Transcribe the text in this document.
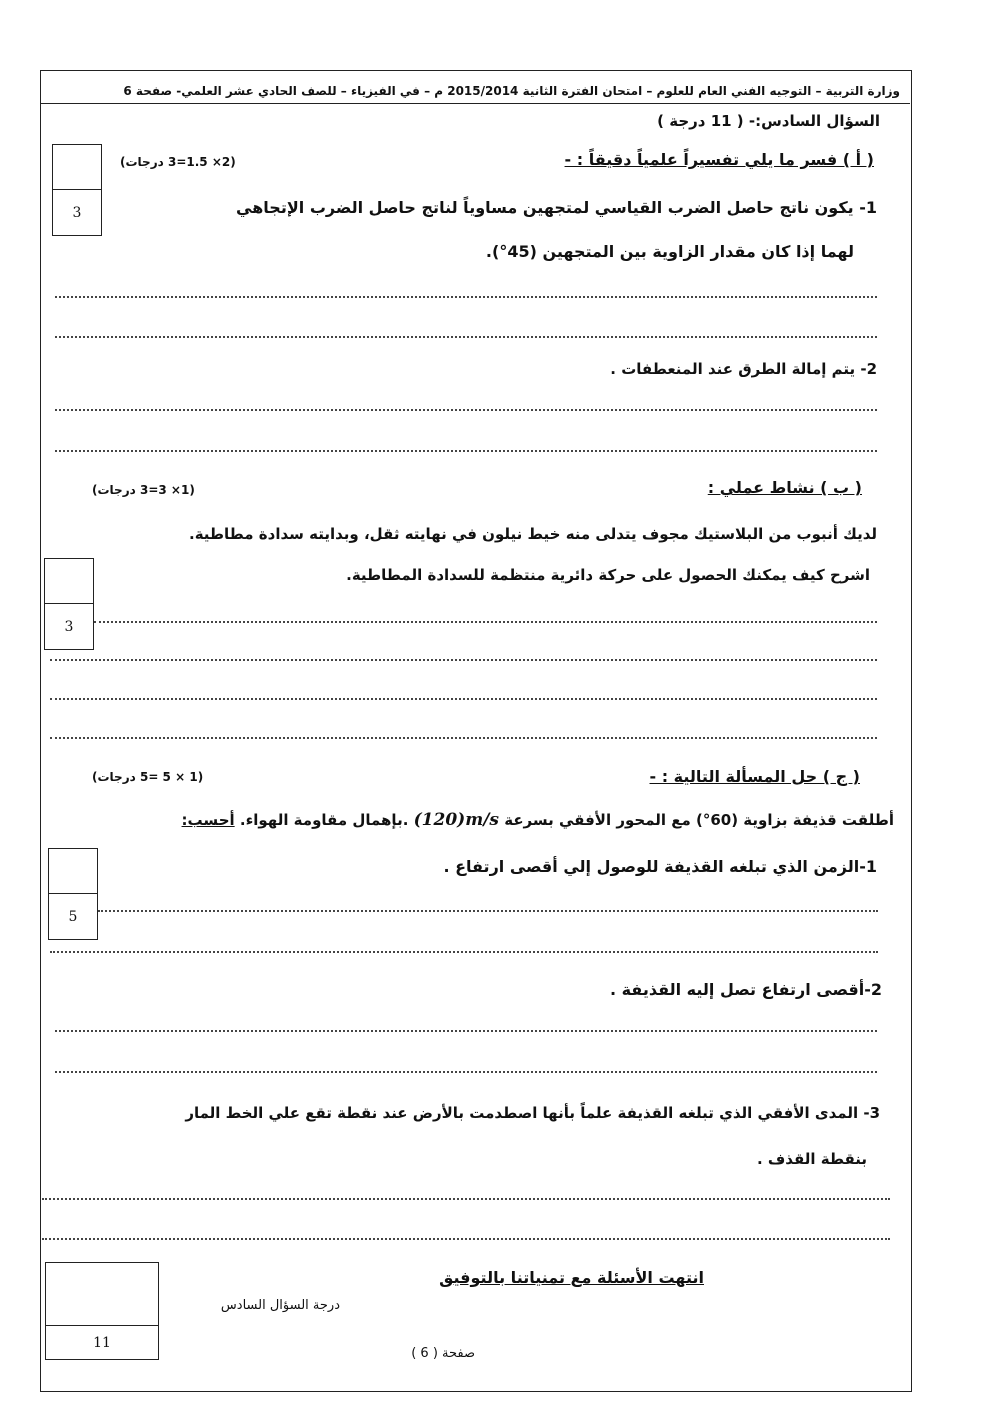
وزارة التربية – التوجيه الفني العام للعلوم – امتحان الفترة الثانية 2015/2014 م – في الفيزياء – للصف الحادي عشر العلمي- صفحة 6
السؤال السادس:- ( 11 درجة )
3
(2× 1.5=3 درجات)	( أ ) فسر ما يلي تفسيراً علمياً دقيقاً : -
1- يكون ناتج حاصل الضرب القياسي لمتجهين مساوياً لناتج حاصل الضرب الإتجاهي
لهما إذا كان مقدار الزاوية بين المتجهين (45°).
2- يتم إمالة الطرق عند المنعطفات .
(1× 3=3 درجات)	( ب ) نشاط عملي :
لديك أنبوب من البلاستيك مجوف يتدلى منه خيط نيلون في نهايته ثقل، وبدايته سدادة مطاطية.
اشرح كيف يمكنك الحصول على حركة دائرية منتظمة للسدادة المطاطية.
3
(1 × 5 =5 درجات)	( ج ) حل المسألة التالية : -
أطلقت قذيفة بزاوية (60°) مع المحور الأفقي بسرعة (120)m/s .بإهمال مقاومة الهواء. أحسب:
5
1-الزمن الذي تبلغه القذيفة للوصول إلي أقصى ارتفاع .
2-أقصى ارتفاع تصل إليه القذيفة .
3- المدى الأفقي الذي تبلغه القذيفة علماً بأنها اصطدمت بالأرض عند نقطة تقع علي الخط المار
بنقطة القذف .
11
درجة السؤال السادس
انتهت الأسئلة مع تمنياتنا بالتوفيق
صفحة ( 6 )
